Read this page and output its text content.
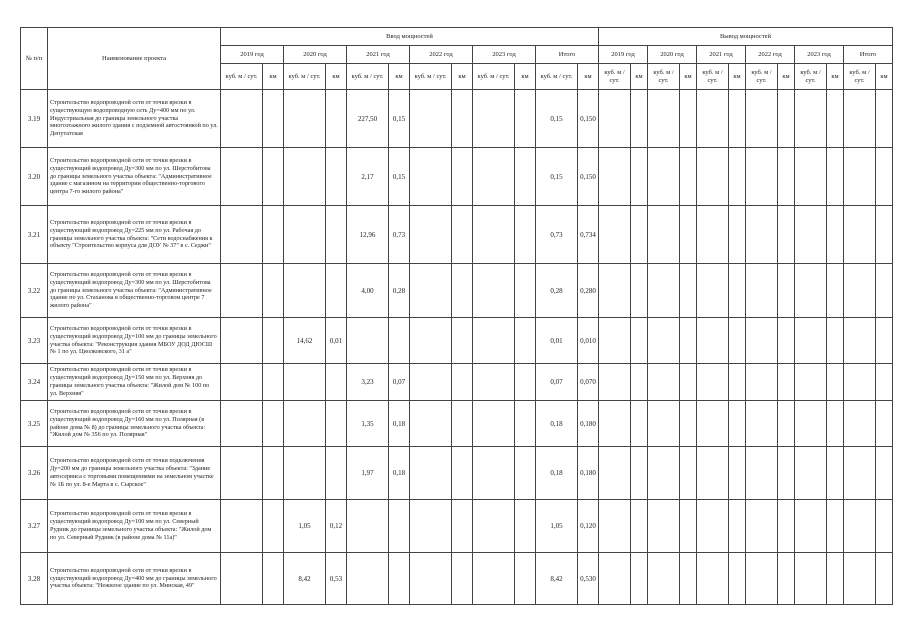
№ п/п	Наименование проекта	Ввод мощностей												Вывод мощностей											
		2019 год		2020 год		2021 год		2022 год		2023 год		Итого		2019 год		2020 год		2021 год		2022 год		2023 год		Итого	
		куб. м / сут.	км	куб. м / сут.	км	куб. м / сут.	км	куб. м / сут.	км	куб. м / сут.	км	куб. м / сут.	км	куб. м / сут.	км	куб. м / сут.	км	куб. м / сут.	км	куб. м / сут.	км	куб. м / сут.	км	куб. м / сут.	км
3.19	Строительство водопроводной сети от точки врезки в существующую водопроводную сеть Ду=400 мм по ул. Индустриальная до границы земельного участка многоэтажного жилого здания с подземной автостоянкой по ул. Депутатская					227,50	0,15					0,15	0,150												
3.20	Строительство водопроводной сети от точки врезки в существующий водопровод Ду=300 мм по ул. Шерстобитова до границы земельного участка объекта: "Административное здание с магазином на территории общественно-торгового центра 7-го жилого района"					2,17	0,15					0,15	0,150												
3.21	Строительство водопроводной сети от точки врезки в существующий водопровод Ду=225 мм по ул. Рабочая до границы земельного участка объекта: "Сети водоснабжения к объекту "Строительство корпуса для ДОУ № 37" в с. Седжи"					12,96	0,73					0,73	0,734												
3.22	Строительство водопроводной сети от точки врезки в существующий водопровод Ду=300 мм по ул. Шерстобитова до границы земельного участка объекта: "Административное здание по ул. Стаханова в общественно-торговом центре 7 жилого района"					4,00	0,28					0,28	0,280												
3.23	Строительство водопроводной сети от точки врезки в существующий водопровод Ду=100 мм до границы земельного участка объекта: "Реконструкция здания МБОУ ДОД ДЮСШ № 1 по ул. Циолковского, 31 а"			14,62	0,01							0,01	0,010												
3.24	Строительство водопроводной сети от точки врезки в существующий водопровод Ду=150 мм по ул. Верхняя до границы земельного участка объекта: "Жилой дом № 100 по ул. Верхняя"					3,23	0,07					0,07	0,070												
3.25	Строительство водопроводной сети от точки врезки в существующий водопровод Ду=160 мм по ул. Полярная (в районе дома № 8) до границы земельного участка объекта: "Жилой дом № 356 по ул. Полярная"					1,35	0,18					0,18	0,180												
3.26	Строительство водопроводной сети от точки подключения Ду=200 мм до границы земельного участка объекта: "Здание автосервиса с торговыми помещениями на земельном участке № 1Б по ул. 8-е Марта в с. Сырское"					1,97	0,18					0,18	0,180												
3.27	Строительство водопроводной сети от точки врезки в существующий водопровод Ду=100 мм по ул. Северный Рудник до границы земельного участка объекта: "Жилой дом по ул. Северный Рудник (в районе дома № 11а)"			1,05	0,12							1,05	0,120												
3.28	Строительство водопроводной сети от точки врезки в существующий водопровод Ду=400 мм до границы земельного участка объекта: "Нежилое здание по ул. Минская, 49"			8,42	0,53							8,42	0,530												
